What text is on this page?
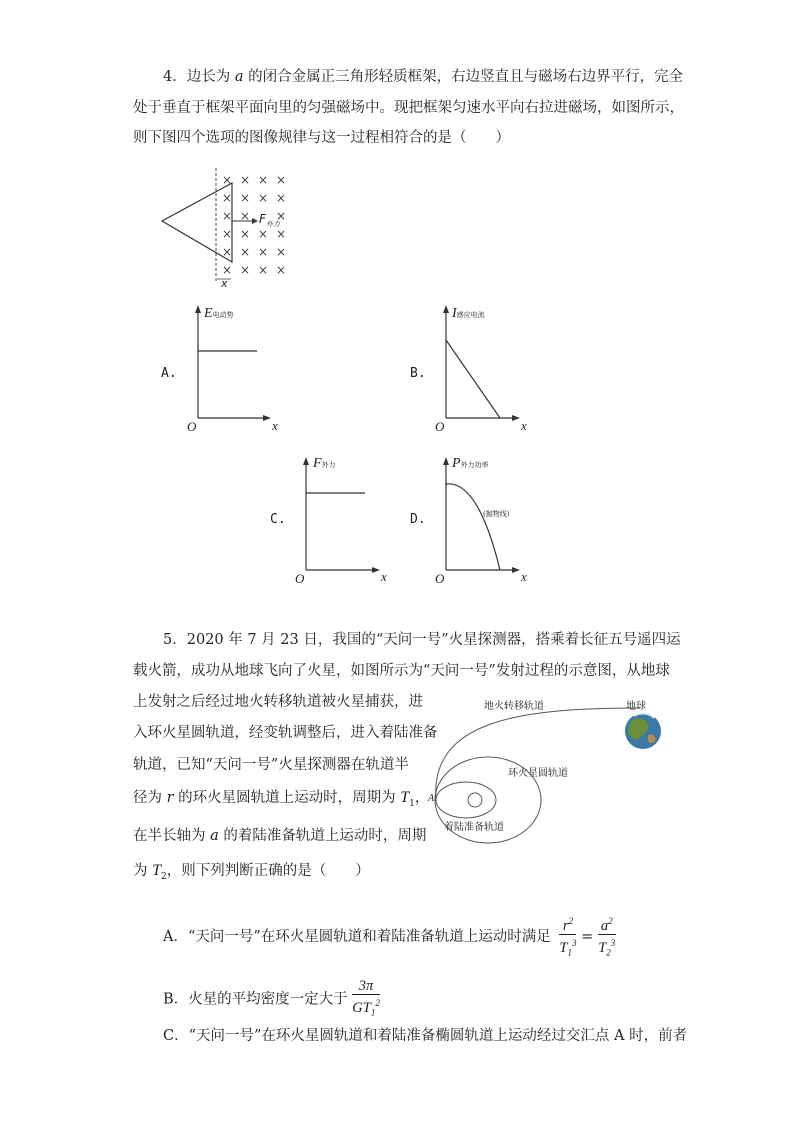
4．边长为 a 的闭合金属正三角形轻质框架，右边竖直且与磁场右边界平行，完全
处于垂直于框架平面向里的匀强磁场中。现把框架匀速水平向右拉进磁场，如图所示，
则下图四个选项的图像规律与这一过程相符合的是（　　）
× × × ×
× × × ×
× × ×
× × × ×
× × × ×
× × × ×
$F_{外力}$
x
A.
E电动势
O	x
B.
I感应电流
O	x
C.
F外力
O	x
D.
P外力功率
(抛物线)
O	x
5．2020 年 7 月 23 日，我国的“天问一号”火星探测器，搭乘着长征五号遥四运
载火箭，成功从地球飞向了火星，如图所示为“天问一号”发射过程的示意图，从地球
上发射之后经过地火转移轨道被火星捕获，进
入环火星圆轨道，经变轨调整后，进入着陆准备
轨道，已知“天问一号”火星探测器在轨道半
径为 r 的环火星圆轨道上运动时，周期为 $T_1$，
在半长轴为 a 的着陆准备轨道上运动时，周期
为 $T_2$，则下列判断正确的是（　　）
地火转移轨道	地球
环火星圆轨道
着陆准备轨道
A
A．“天问一号”在环火星圆轨道和着陆准备轨道上运动时满足 $\frac{r^2}{T_1^3} = \frac{a^2}{T_2^3}$
B．火星的平均密度一定大于 $\frac{3\pi}{GT_1^2}$
C．“天问一号”在环火星圆轨道和着陆准备椭圆轨道上运动经过交汇点 A 时，前者
